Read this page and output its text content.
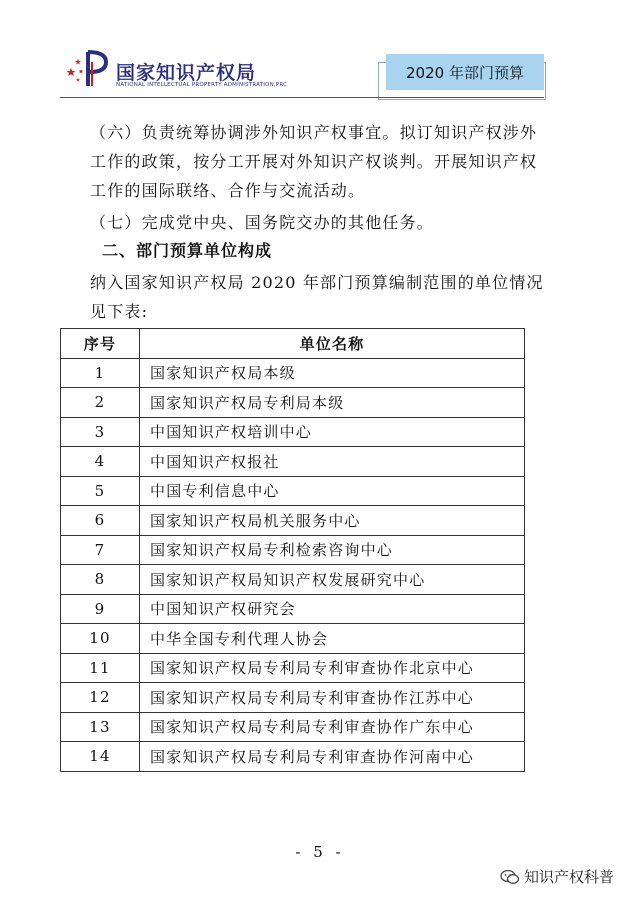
国家知识产权局
NATIONAL INTELLECTUAL PROPERTY ADMINISTRATION,PRC
2020 年部门预算

（六）负责统筹协调涉外知识产权事宜。拟订知识产权涉外工作的政策，按分工开展对外知识产权谈判。开展知识产权工作的国际联络、合作与交流活动。

（七）完成党中央、国务院交办的其他任务。

二、部门预算单位构成

纳入国家知识产权局 2020 年部门预算编制范围的单位情况见下表:

序号	单位名称
1	国家知识产权局本级
2	国家知识产权局专利局本级
3	中国知识产权培训中心
4	中国知识产权报社
5	中国专利信息中心
6	国家知识产权局机关服务中心
7	国家知识产权局专利检索咨询中心
8	国家知识产权局知识产权发展研究中心
9	中国知识产权研究会
10	中华全国专利代理人协会
11	国家知识产权局专利局专利审查协作北京中心
12	国家知识产权局专利局专利审查协作江苏中心
13	国家知识产权局专利局专利审查协作广东中心
14	国家知识产权局专利局专利审查协作河南中心
- 5 -
知识产权科普
